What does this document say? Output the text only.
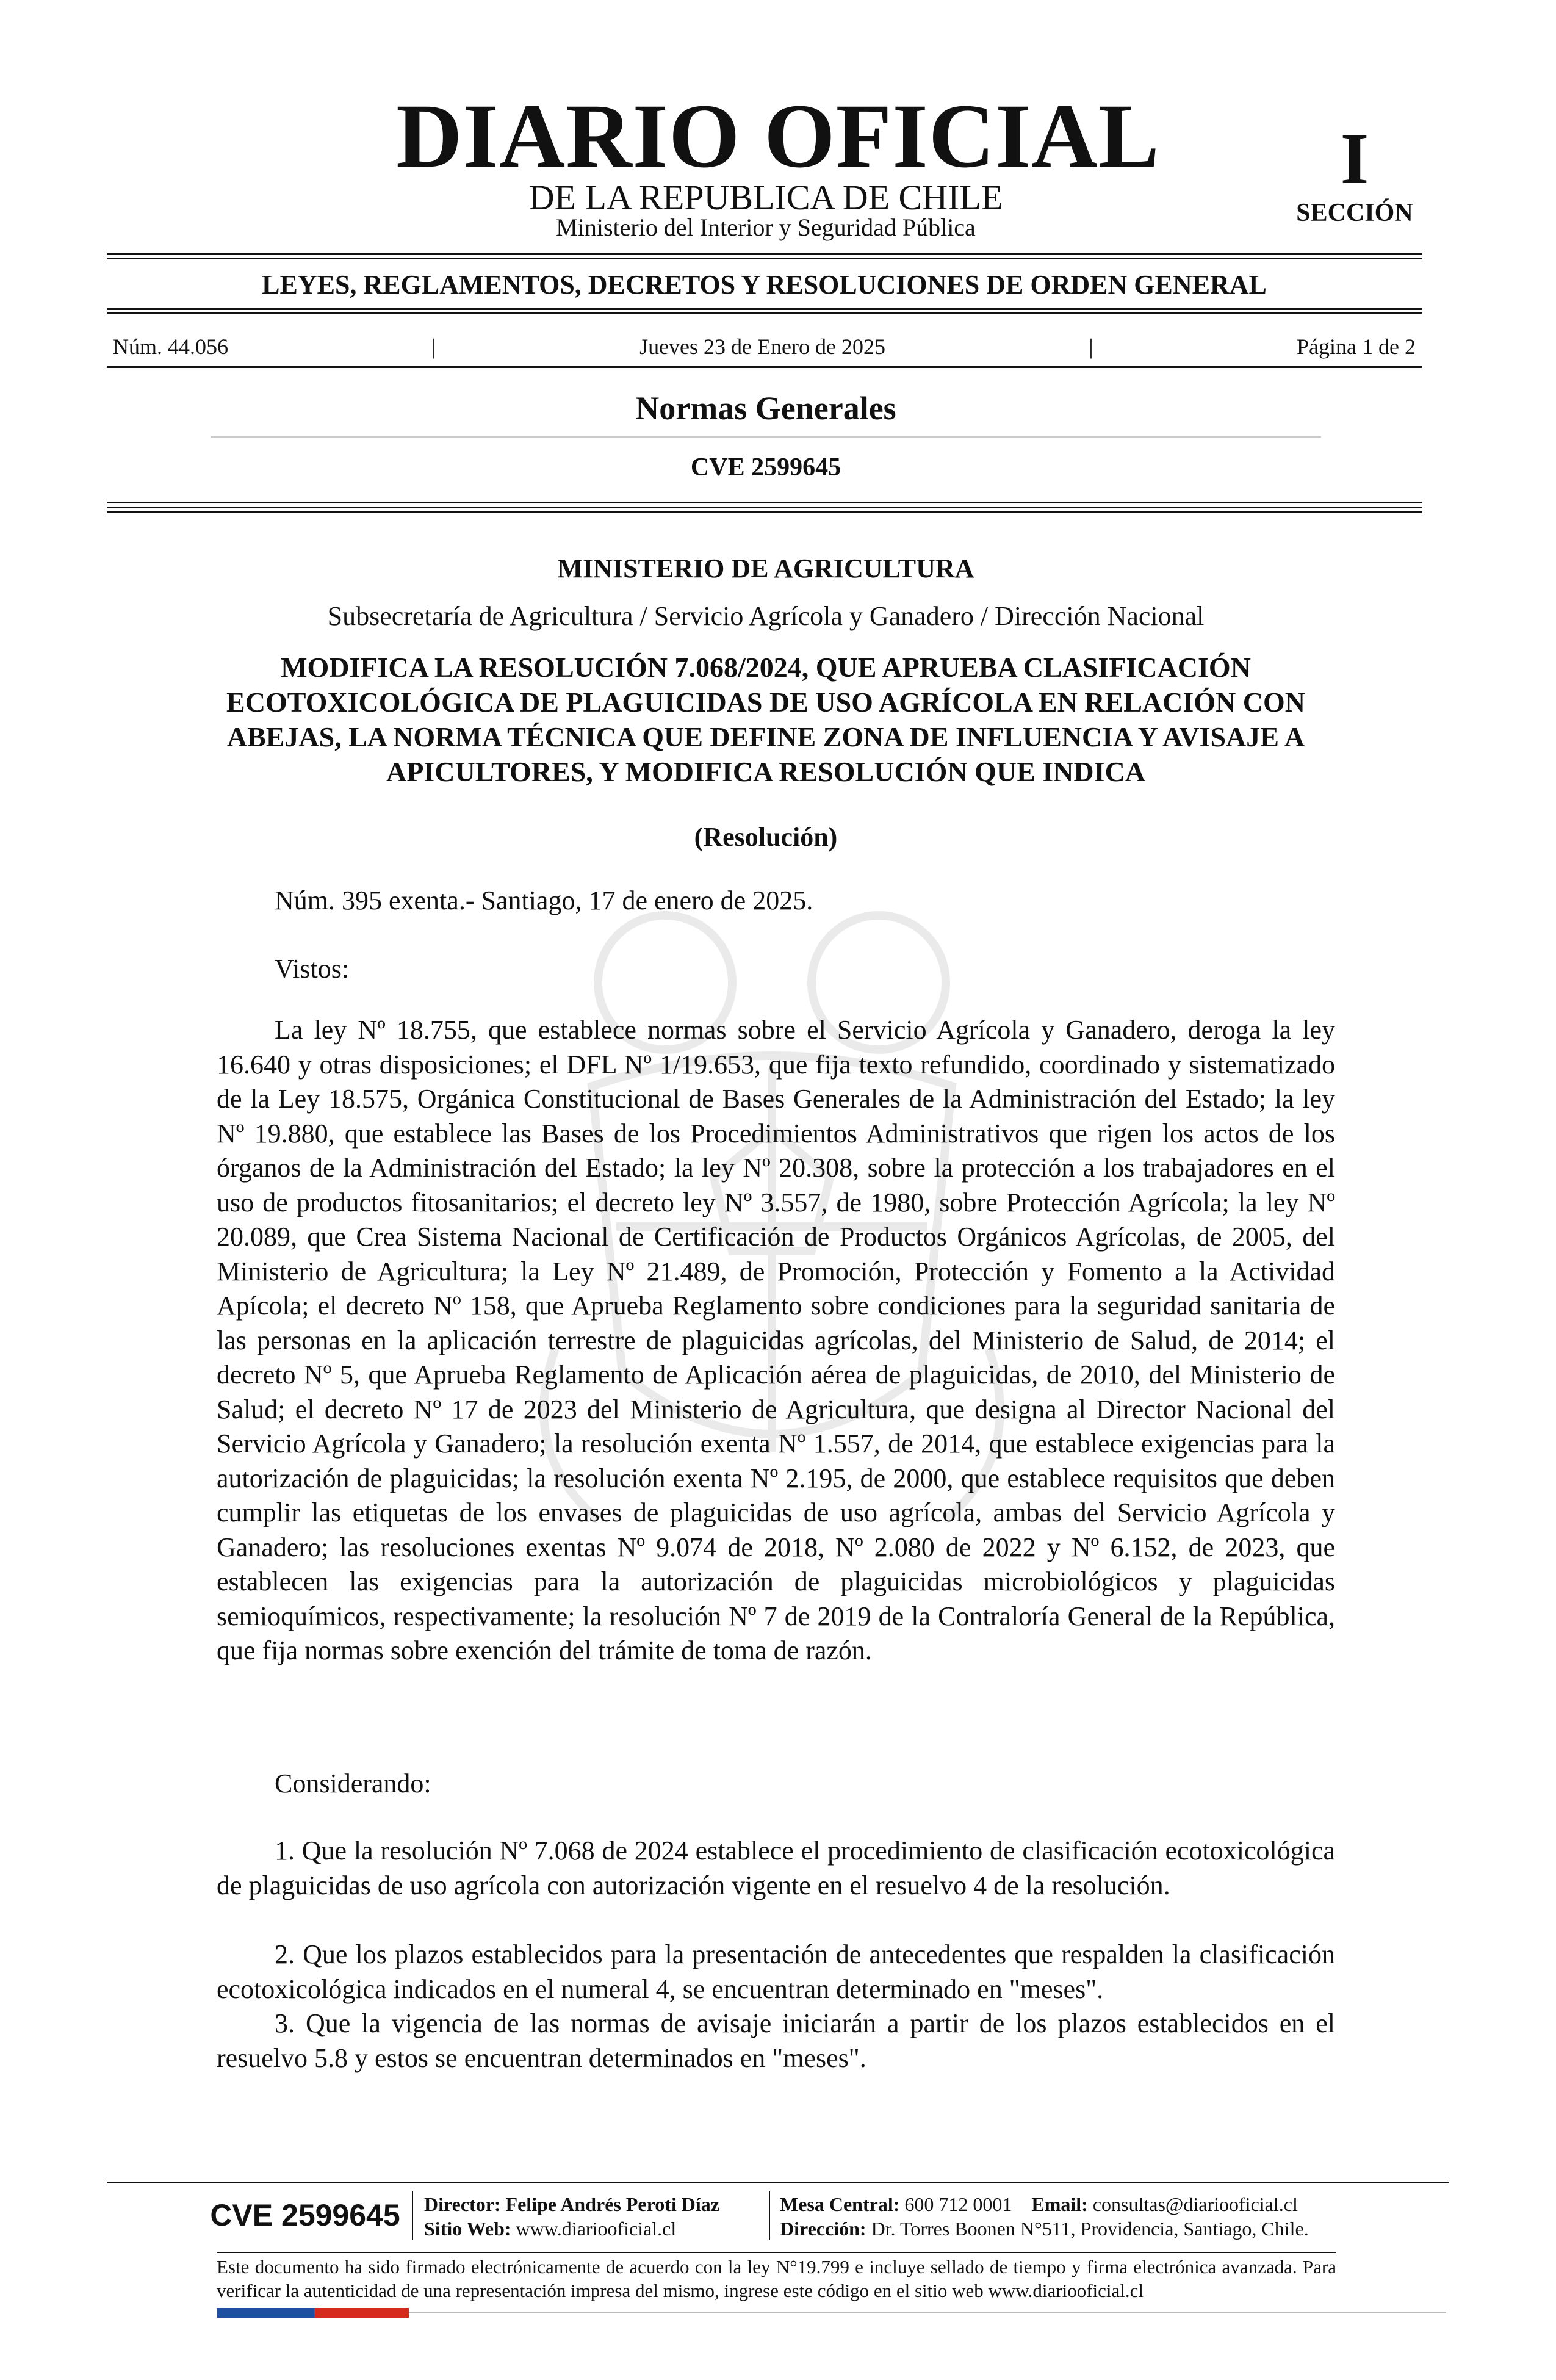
DIARIO OFICIAL
DE LA REPUBLICA DE CHILE
Ministerio del Interior y Seguridad Pública
I
SECCIÓN
LEYES, REGLAMENTOS, DECRETOS Y RESOLUCIONES DE ORDEN GENERAL
Núm. 44.056	|	Jueves 23 de Enero de 2025	|	Página 1 de 2
Normas Generales
CVE 2599645
MINISTERIO DE AGRICULTURA
Subsecretaría de Agricultura / Servicio Agrícola y Ganadero / Dirección Nacional
MODIFICA LA RESOLUCIÓN 7.068/2024, QUE APRUEBA CLASIFICACIÓN ECOTOXICOLÓGICA DE PLAGUICIDAS DE USO AGRÍCOLA EN RELACIÓN CON ABEJAS, LA NORMA TÉCNICA QUE DEFINE ZONA DE INFLUENCIA Y AVISAJE A APICULTORES, Y MODIFICA RESOLUCIÓN QUE INDICA
(Resolución)
Núm. 395 exenta.- Santiago, 17 de enero de 2025.
Vistos:
La ley Nº 18.755, que establece normas sobre el Servicio Agrícola y Ganadero, deroga la ley 16.640 y otras disposiciones; el DFL Nº 1/19.653, que fija texto refundido, coordinado y sistematizado de la Ley 18.575, Orgánica Constitucional de Bases Generales de la Administración del Estado; la ley Nº 19.880, que establece las Bases de los Procedimientos Administrativos que rigen los actos de los órganos de la Administración del Estado; la ley Nº 20.308, sobre la protección a los trabajadores en el uso de productos fitosanitarios; el decreto ley Nº 3.557, de 1980, sobre Protección Agrícola; la ley Nº 20.089, que Crea Sistema Nacional de Certificación de Productos Orgánicos Agrícolas, de 2005, del Ministerio de Agricultura; la Ley Nº 21.489, de Promoción, Protección y Fomento a la Actividad Apícola; el decreto Nº 158, que Aprueba Reglamento sobre condiciones para la seguridad sanitaria de las personas en la aplicación terrestre de plaguicidas agrícolas, del Ministerio de Salud, de 2014; el decreto Nº 5, que Aprueba Reglamento de Aplicación aérea de plaguicidas, de 2010, del Ministerio de Salud; el decreto Nº 17 de 2023 del Ministerio de Agricultura, que designa al Director Nacional del Servicio Agrícola y Ganadero; la resolución exenta Nº 1.557, de 2014, que establece exigencias para la autorización de plaguicidas; la resolución exenta Nº 2.195, de 2000, que establece requisitos que deben cumplir las etiquetas de los envases de plaguicidas de uso agrícola, ambas del Servicio Agrícola y Ganadero; las resoluciones exentas Nº 9.074 de 2018, Nº 2.080 de 2022 y Nº 6.152, de 2023, que establecen las exigencias para la autorización de plaguicidas microbiológicos y plaguicidas semioquímicos, respectivamente; la resolución Nº 7 de 2019 de la Contraloría General de la República, que fija normas sobre exención del trámite de toma de razón.
Considerando:
1. Que la resolución Nº 7.068 de 2024 establece el procedimiento de clasificación ecotoxicológica de plaguicidas de uso agrícola con autorización vigente en el resuelvo 4 de la resolución.
2. Que los plazos establecidos para la presentación de antecedentes que respalden la clasificación ecotoxicológica indicados en el numeral 4, se encuentran determinado en "meses".
3. Que la vigencia de las normas de avisaje iniciarán a partir de los plazos establecidos en el resuelvo 5.8 y estos se encuentran determinados en "meses".
CVE 2599645 Director: Felipe Andrés Peroti Díaz
Sitio Web: www.diariooficial.cl
Mesa Central: 600 712 0001 Email: consultas@diariooficial.cl
Dirección: Dr. Torres Boonen N°511, Providencia, Santiago, Chile.
Este documento ha sido firmado electrónicamente de acuerdo con la ley N°19.799 e incluye sellado de tiempo y firma electrónica avanzada. Para verificar la autenticidad de una representación impresa del mismo, ingrese este código en el sitio web www.diariooficial.cl
